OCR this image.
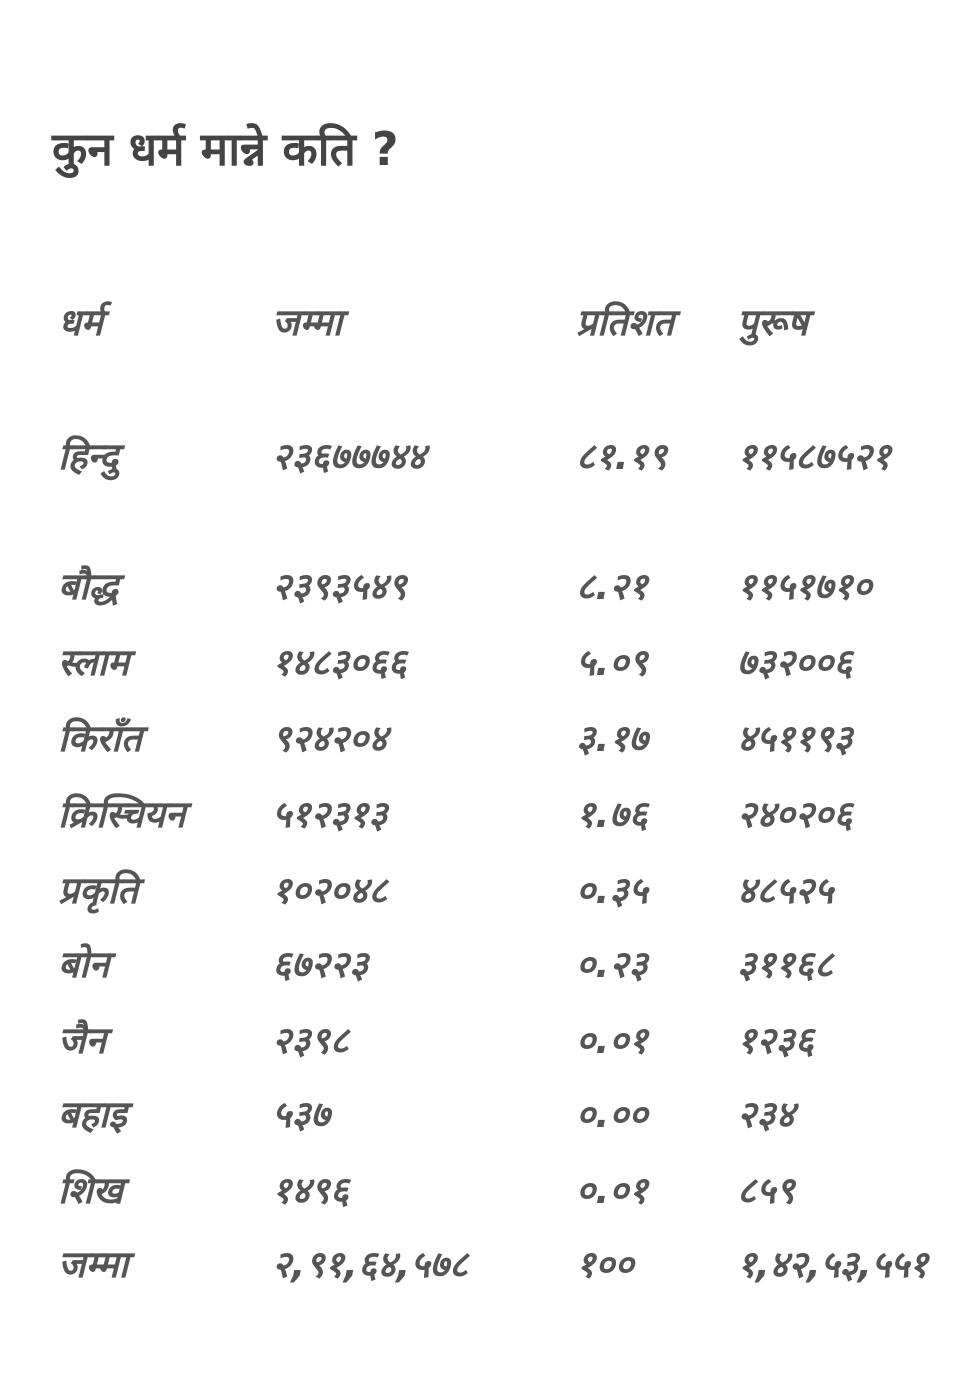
कुन धर्म मान्ने कति ?
धर्म	जम्मा	प्रतिशत पुरूष
हिन्दु	२३६७७७४४	८१.१९ ११५८७५२१
बौद्ध	२३९३५४९	८.२१ ११५१७१०
स्लाम	१४८३०६६	५.०९ ७३२००६
किराँत	९२४२०४	३.१७ ४५११९३
क्रिस्चियन ५१२३१३	१.७६ २४०२०६
प्रकृति	१०२०४८	०.३५ ४८५२५
बोन	६७२२३	०.२३ ३११६८
जैन	२३९८	०.०१ १२३६
बहाइ	५३७	०.०० २३४
शिख	१४९६	०.०१ ८५९
जम्मा	२,९१,६४,५७८	१००	१,४२,५३,५५१
